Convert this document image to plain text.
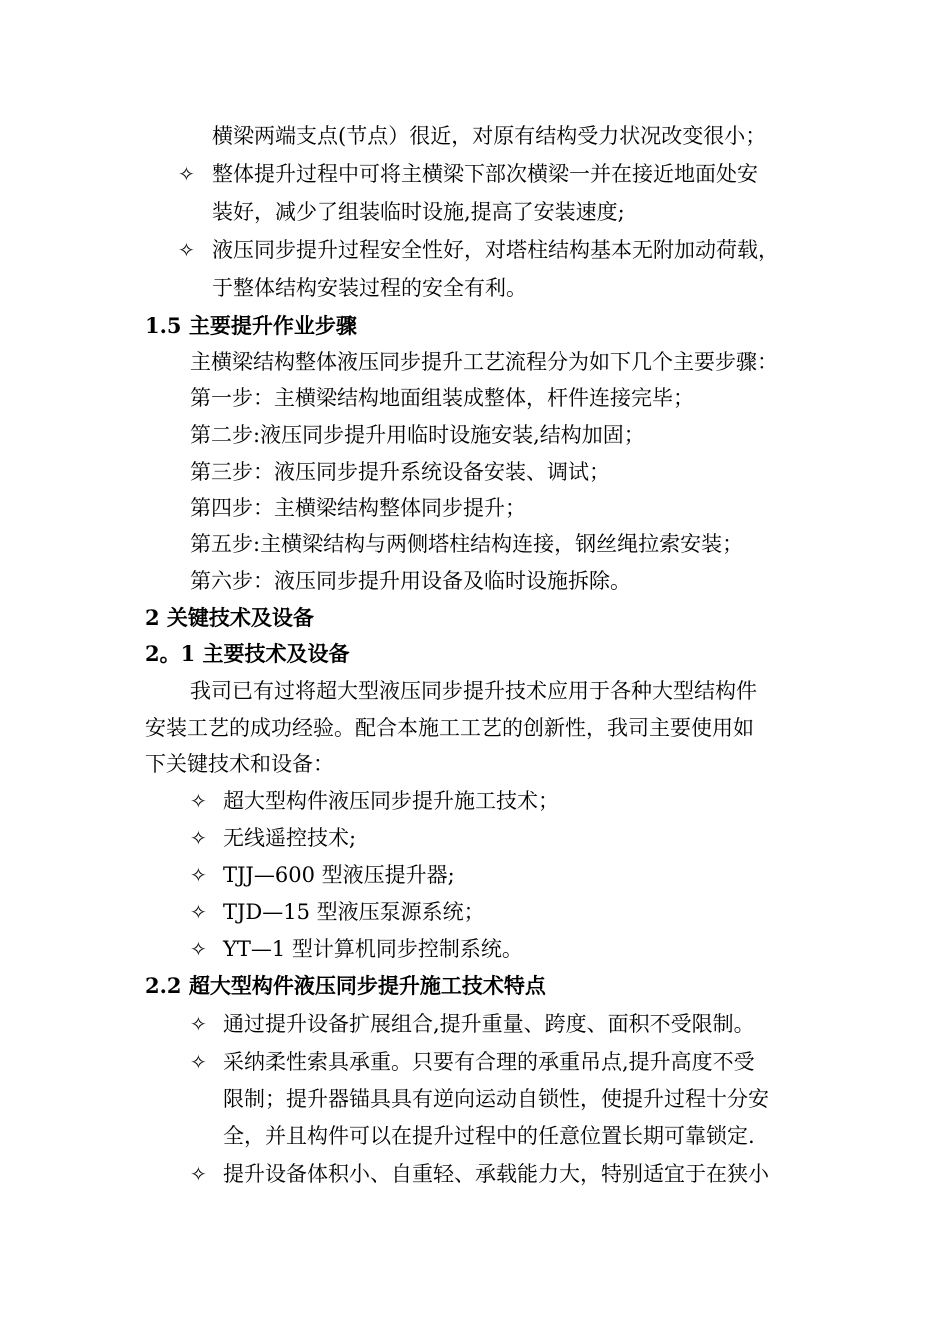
横梁两端支点(节点）很近，对原有结构受力状况改变很小；
✧ 整体提升过程中可将主横梁下部次横梁一并在接近地面处安
装好，减少了组装临时设施,提高了安装速度;
✧ 液压同步提升过程安全性好，对塔柱结构基本无附加动荷载，
于整体结构安装过程的安全有利。
1.5 主要提升作业步骤
主横梁结构整体液压同步提升工艺流程分为如下几个主要步骤：
第一步：主横梁结构地面组装成整体，杆件连接完毕；
第二步:液压同步提升用临时设施安装,结构加固；
第三步：液压同步提升系统设备安装、调试；
第四步：主横梁结构整体同步提升；
第五步:主横梁结构与两侧塔柱结构连接，钢丝绳拉索安装；
第六步：液压同步提升用设备及临时设施拆除。
2 关键技术及设备
2。1 主要技术及设备
我司已有过将超大型液压同步提升技术应用于各种大型结构件
安装工艺的成功经验。配合本施工工艺的创新性，我司主要使用如
下关键技术和设备：
✧ 超大型构件液压同步提升施工技术；
✧ 无线遥控技术;
✧ TJJ—600 型液压提升器;
✧ TJD—15 型液压泵源系统；
✧ YT—1 型计算机同步控制系统。
2.2 超大型构件液压同步提升施工技术特点
✧ 通过提升设备扩展组合,提升重量、跨度、面积不受限制。
✧ 采纳柔性索具承重。只要有合理的承重吊点,提升高度不受
限制；提升器锚具具有逆向运动自锁性，使提升过程十分安
全，并且构件可以在提升过程中的任意位置长期可靠锁定.
✧ 提升设备体积小、自重轻、承载能力大，特别适宜于在狭小
